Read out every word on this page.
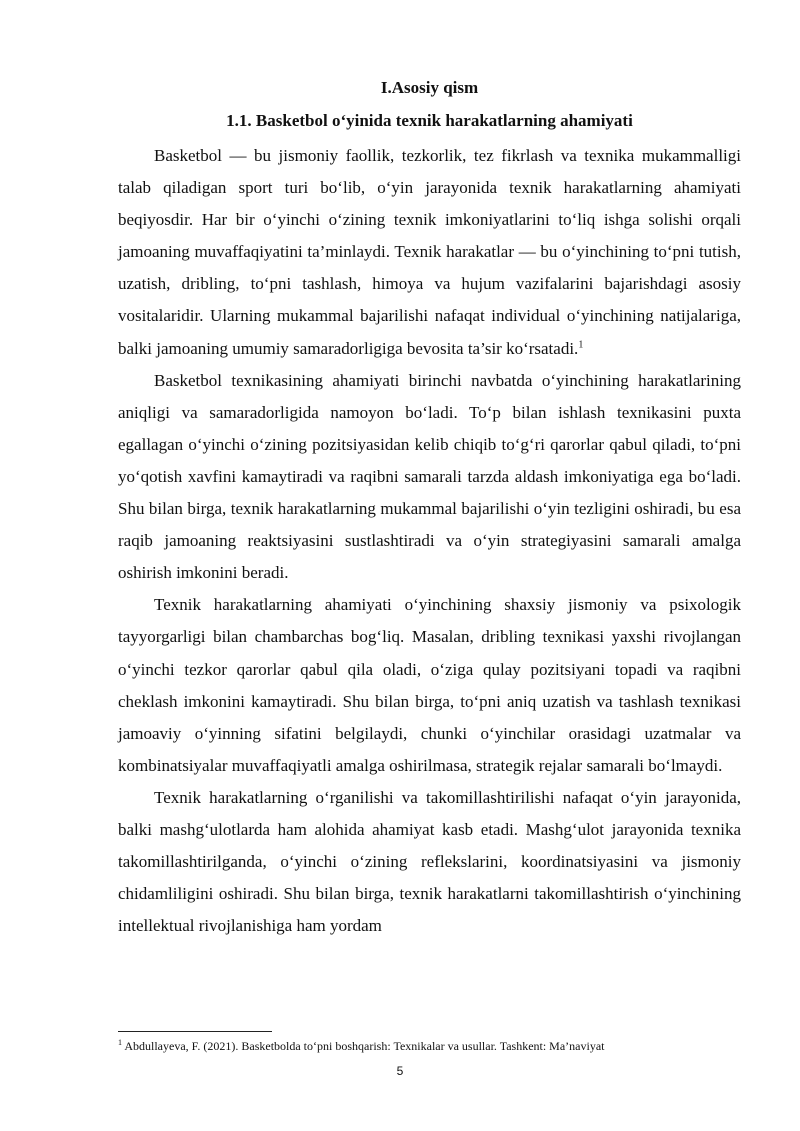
I.Asosiy qism
1.1. Basketbol o‘yinida texnik harakatlarning ahamiyati

Basketbol — bu jismoniy faollik, tezkorlik, tez fikrlash va texnika mukammalligi talab qiladigan sport turi bo‘lib, o‘yin jarayonida texnik harakatlarning ahamiyati beqiyosdir. Har bir o‘yinchi o‘zining texnik imkoniyatlarini to‘liq ishga solishi orqali jamoaning muvaffaqiyatini ta’minlaydi. Texnik harakatlar — bu o‘yinchining to‘pni tutish, uzatish, dribling, to‘pni tashlash, himoya va hujum vazifalarini bajarishdagi asosiy vositalaridir. Ularning mukammal bajarilishi nafaqat individual o‘yinchining natijalariga, balki jamoaning umumiy samaradorligiga bevosita ta’sir ko‘rsatadi.$^1$

Basketbol texnikasining ahamiyati birinchi navbatda o‘yinchining harakatlarining aniqligi va samaradorligida namoyon bo‘ladi. To‘p bilan ishlash texnikasini puxta egallagan o‘yinchi o‘zining pozitsiyasidan kelib chiqib to‘g‘ri qarorlar qabul qiladi, to‘pni yo‘qotish xavfini kamaytiradi va raqibni samarali tarzda aldash imkoniyatiga ega bo‘ladi. Shu bilan birga, texnik harakatlarning mukammal bajarilishi o‘yin tezligini oshiradi, bu esa raqib jamoaning reaktsiyasini sustlashtiradi va o‘yin strategiyasini samarali amalga oshirish imkonini beradi.

Texnik harakatlarning ahamiyati o‘yinchining shaxsiy jismoniy va psixologik tayyorgarligi bilan chambarchas bog‘liq. Masalan, dribling texnikasi yaxshi rivojlangan o‘yinchi tezkor qarorlar qabul qila oladi, o‘ziga qulay pozitsiyani topadi va raqibni cheklash imkonini kamaytiradi. Shu bilan birga, to‘pni aniq uzatish va tashlash texnikasi jamoaviy o‘yinning sifatini belgilaydi, chunki o‘yinchilar orasidagi uzatmalar va kombinatsiyalar muvaffaqiyatli amalga oshirilmasa, strategik rejalar samarali bo‘lmaydi.

Texnik harakatlarning o‘rganilishi va takomillashtirilishi nafaqat o‘yin jarayonida, balki mashg‘ulotlarda ham alohida ahamiyat kasb etadi. Mashg‘ulot jarayonida texnika takomillashtirilganda, o‘yinchi o‘zining reflekslarini, koordinatsiyasini va jismoniy chidamliligini oshiradi. Shu bilan birga, texnik harakatlarni takomillashtirish o‘yinchining intellektual rivojlanishiga ham yordam

$^1$ Abdullayeva, F. (2021). Basketbolda to‘pni boshqarish: Texnikalar va usullar. Tashkent: Ma’naviyat
5
